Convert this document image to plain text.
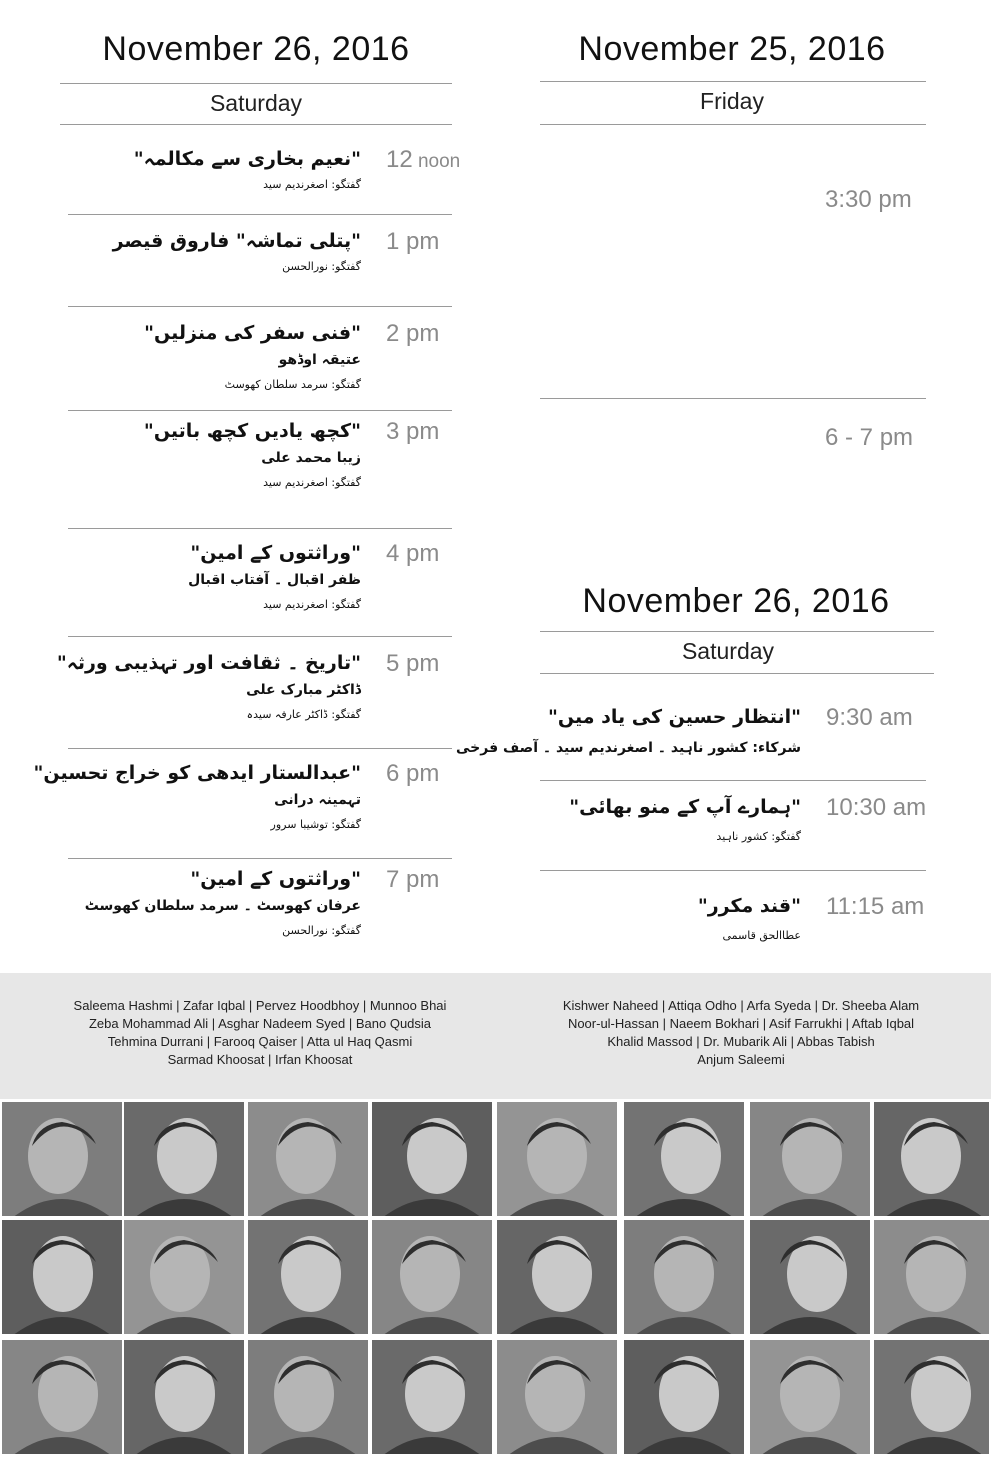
November 26, 2016
Saturday
12 noon
"نعیم بخاری سے مکالمہ"
گفتگو: اصغرندیم سید
1 pm
"پتلی تماشہ" فاروق قیصر
گفتگو: نورالحسن
2 pm
"فنی سفر کی منزلیں"
عتیقہ اوڈھو
گفتگو: سرمد سلطان کھوسٹ
3 pm
"کچھ یادیں کچھ باتیں"
زیبا محمد علی
گفتگو: اصغرندیم سید
4 pm
"وراثتوں کے امین"
ظفر اقبال ۔ آفتاب اقبال
گفتگو: اصغرندیم سید
5 pm
"تاریخ ۔ ثقافت اور تہذیبی ورثہ"
ڈاکٹر مبارک علی
گفتگو: ڈاکٹر عارفہ سیدہ
6 pm
"عبدالستار ایدھی کو خراج تحسین"
تہمینہ درانی
گفتگو: توشیبا سرور
7 pm
"وراثتوں کے امین"
عرفان کھوسٹ ۔ سرمد سلطان کھوسٹ
گفتگو: نورالحسن
November 25, 2016
Friday
3:30 pm
6 - 7 pm
November 26, 2016
Saturday
9:30 am
"انتظار حسین کی یاد میں"
شرکاء: کشور ناہید ۔ اصغرندیم سید ۔ آصف فرخی
10:30 am
"ہمارے آپ کے منو بھائی"
گفتگو: کشور ناہید
11:15 am
"قند مکرر"
عطاالحق قاسمی
Saleema Hashmi | Zafar Iqbal | Pervez Hoodbhoy | Munnoo Bhai
Zeba Mohammad Ali | Asghar Nadeem Syed | Bano Qudsia
Tehmina Durrani | Farooq Qaiser | Atta ul Haq Qasmi
Sarmad Khoosat | Irfan Khoosat
Kishwer Naheed | Attiqa Odho | Arfa Syeda | Dr. Sheeba Alam
Noor-ul-Hassan | Naeem Bokhari | Asif Farrukhi | Aftab Iqbal
Khalid Massod | Dr. Mubarik Ali | Abbas Tabish
Anjum Saleemi
